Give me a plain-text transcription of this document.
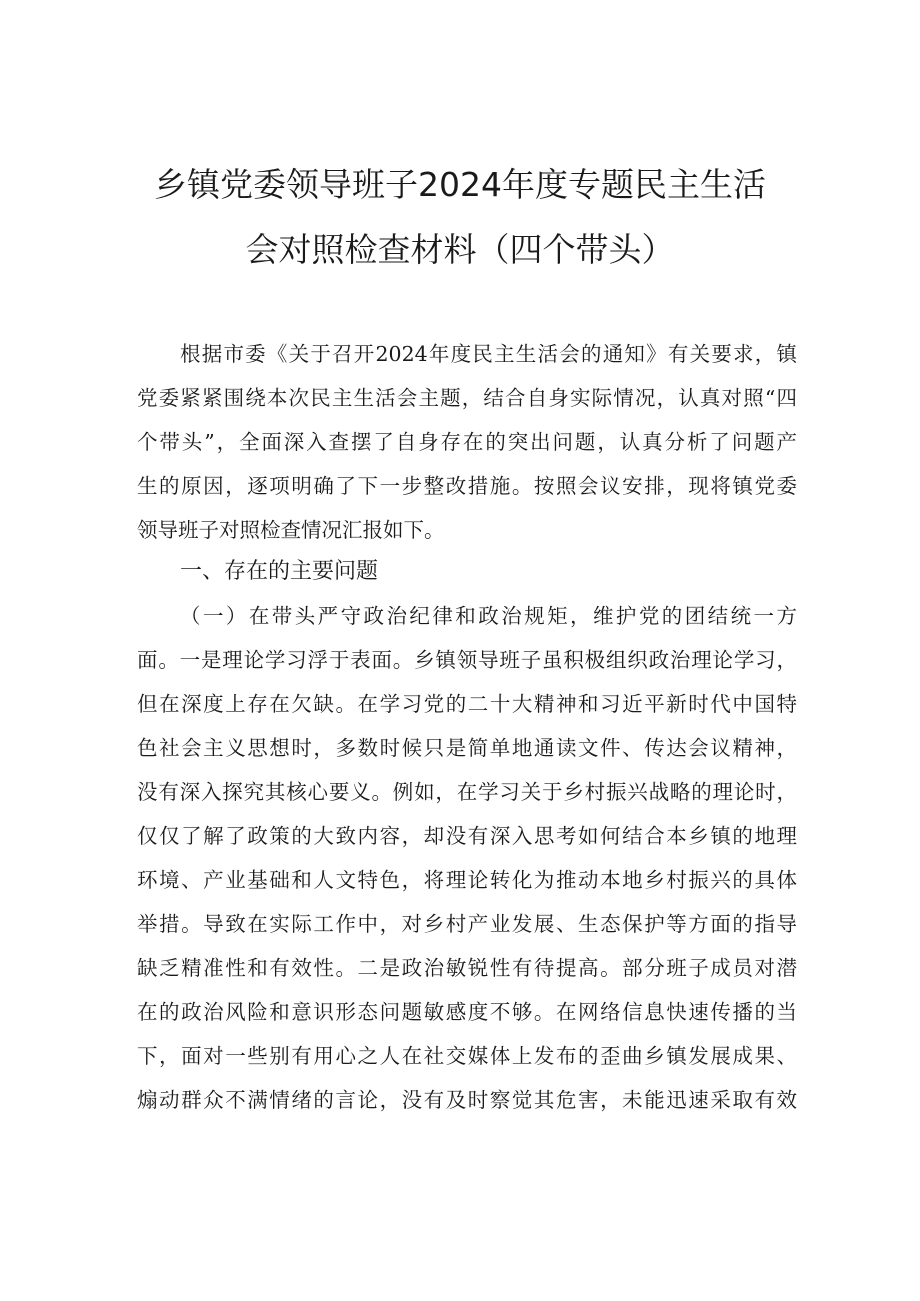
乡镇党委领导班子2024年度专题民主生活
会对照检查材料（四个带头）
根据市委《关于召开2024年度民主生活会的通知》有关要求，镇
党委紧紧围绕本次民主生活会主题，结合自身实际情况，认真对照“四
个带头”，全面深入查摆了自身存在的突出问题，认真分析了问题产
生的原因，逐项明确了下一步整改措施。按照会议安排，现将镇党委
领导班子对照检查情况汇报如下。
一、存在的主要问题
（一）在带头严守政治纪律和政治规矩，维护党的团结统一方
面。一是理论学习浮于表面。乡镇领导班子虽积极组织政治理论学习，
但在深度上存在欠缺。在学习党的二十大精神和习近平新时代中国特
色社会主义思想时，多数时候只是简单地通读文件、传达会议精神，
没有深入探究其核心要义。例如，在学习关于乡村振兴战略的理论时，
仅仅了解了政策的大致内容，却没有深入思考如何结合本乡镇的地理
环境、产业基础和人文特色，将理论转化为推动本地乡村振兴的具体
举措。导致在实际工作中，对乡村产业发展、生态保护等方面的指导
缺乏精准性和有效性。二是政治敏锐性有待提高。部分班子成员对潜
在的政治风险和意识形态问题敏感度不够。在网络信息快速传播的当
下，面对一些别有用心之人在社交媒体上发布的歪曲乡镇发展成果、
煽动群众不满情绪的言论，没有及时察觉其危害，未能迅速采取有效
